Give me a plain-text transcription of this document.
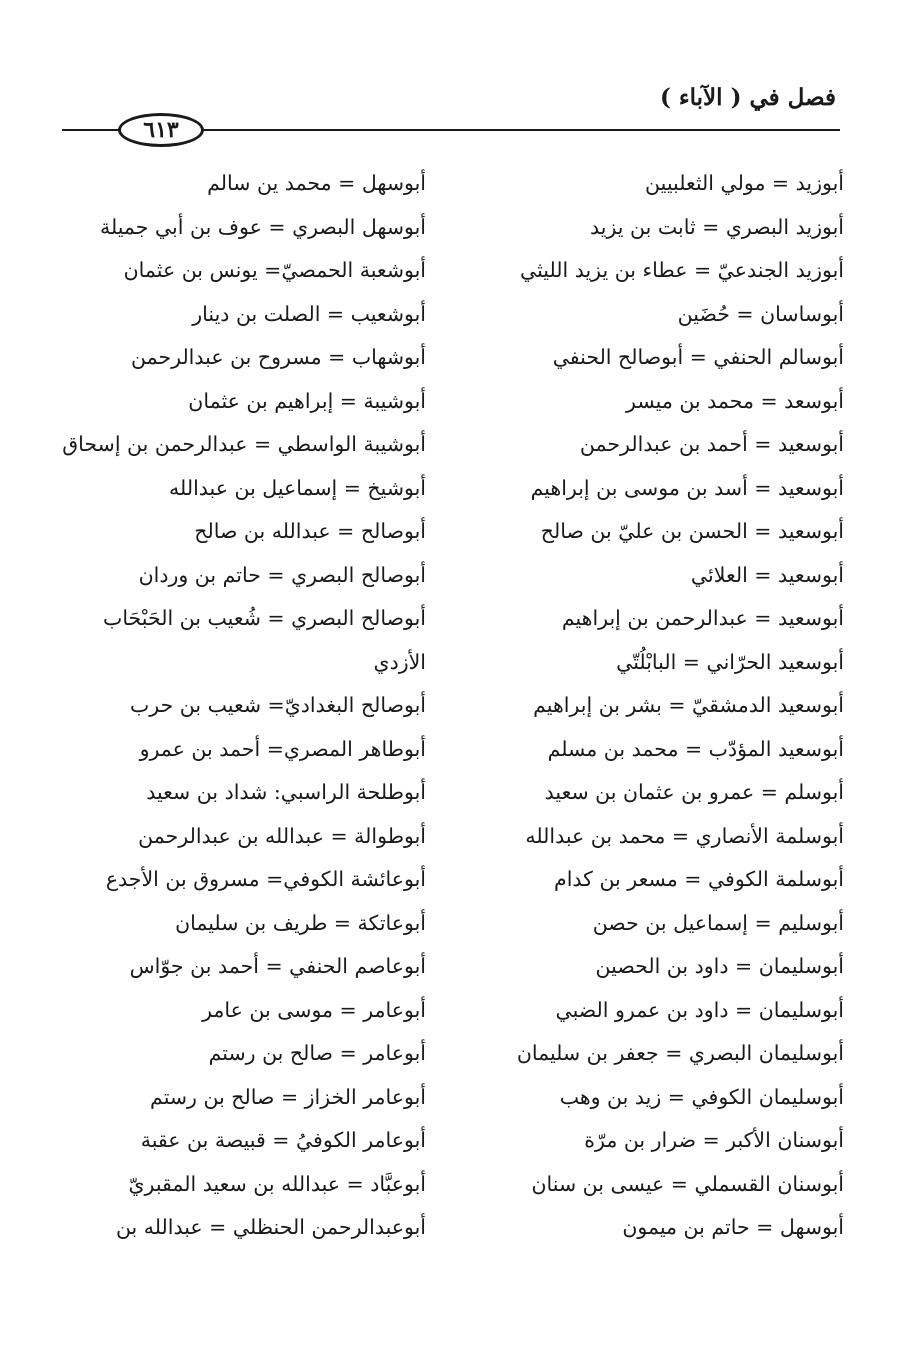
فصل في ( الآباء )
٦١٣
أبوزيد = مولي الثعلبيين
أبوزيد البصري = ثابت بن يزيد
أبوزيد الجندعيّ = عطاء بن يزيد الليثي
أبوساسان = حُضَين
أبوسالم الحنفي = أبوصالح الحنفي
أبوسعد = محمد بن ميسر
أبوسعيد = أحمد بن عبدالرحمن
أبوسعيد = أسد بن موسى بن إبراهيم
أبوسعيد = الحسن بن عليّ بن صالح
أبوسعيد = العلائي
أبوسعيد = عبدالرحمن بن إبراهيم
أبوسعيد الحرّاني = البابْلُتّي
أبوسعيد الدمشقيّ = بشر بن إبراهيم
أبوسعيد المؤدّب = محمد بن مسلم
أبوسلم = عمرو بن عثمان بن سعيد
أبوسلمة الأنصاري = محمد بن عبدالله
أبوسلمة الكوفي = مسعر بن كدام
أبوسليم = إسماعيل بن حصن
أبوسليمان = داود بن الحصين
أبوسليمان = داود بن عمرو الضبي
أبوسليمان البصري = جعفر بن سليمان
أبوسليمان الكوفي = زيد بن وهب
أبوسنان الأكبر = ضرار بن مرّة
أبوسنان القسملي = عيسى بن سنان
أبوسهل = حاتم بن ميمون
أبوسهل = محمد ين سالم
أبوسهل البصري = عوف بن أبي جميلة
أبوشعبة الحمصيّ= يونس بن عثمان
أبوشعيب = الصلت بن دينار
أبوشهاب = مسروح بن عبدالرحمن
أبوشيبة = إبراهيم بن عثمان
أبوشيبة الواسطي = عبدالرحمن بن إسحاق
أبوشيخ = إسماعيل بن عبدالله
أبوصالح = عبدالله بن صالح
أبوصالح البصري = حاتم بن وردان
أبوصالح البصري = شُعيب بن الحَبْحَاب
الأزدي
أبوصالح البغداديّ= شعيب بن حرب
أبوطاهر المصري= أحمد بن عمرو
أبوطلحة الراسبي: شداد بن سعيد
أبوطوالة = عبدالله بن عبدالرحمن
أبوعائشة الكوفي= مسروق بن الأجدع
أبوعاتكة = طريف بن سليمان
أبوعاصم الحنفي = أحمد بن جوّاس
أبوعامر = موسى بن عامر
أبوعامر = صالح بن رستم
أبوعامر الخزاز = صالح بن رستم
أبوعامر الكوفيُ = قبيصة بن عقبة
أبوعبَّاد = عبدالله بن سعيد المقبريّ
أبوعبدالرحمن الحنظلي = عبدالله بن
